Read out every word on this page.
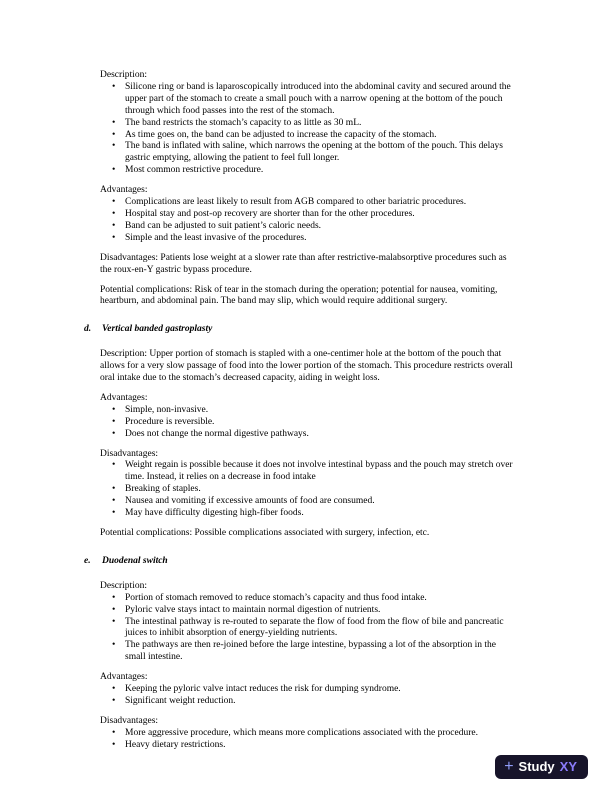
Description:

• Silicone ring or band is laparoscopically introduced into the abdominal cavity and secured around the upper part of the stomach to create a small pouch with a narrow opening at the bottom of the pouch through which food passes into the rest of the stomach.
• The band restricts the stomach’s capacity to as little as 30 mL.
• As time goes on, the band can be adjusted to increase the capacity of the stomach.
• The band is inflated with saline, which narrows the opening at the bottom of the pouch. This delays gastric emptying, allowing the patient to feel full longer.
• Most common restrictive procedure.

Advantages:

• Complications are least likely to result from AGB compared to other bariatric procedures.
• Hospital stay and post-op recovery are shorter than for the other procedures.
• Band can be adjusted to suit patient’s caloric needs.
• Simple and the least invasive of the procedures.

Disadvantages: Patients lose weight at a slower rate than after restrictive-malabsorptive procedures such as the roux-en-Y gastric bypass procedure.

Potential complications: Risk of tear in the stomach during the operation; potential for nausea, vomiting, heartburn, and abdominal pain. The band may slip, which would require additional surgery.

d. Vertical banded gastroplasty

Description: Upper portion of stomach is stapled with a one-centimer hole at the bottom of the pouch that allows for a very slow passage of food into the lower portion of the stomach. This procedure restricts overall oral intake due to the stomach’s decreased capacity, aiding in weight loss.

Advantages:

• Simple, non-invasive.
• Procedure is reversible.
• Does not change the normal digestive pathways.

Disadvantages:

• Weight regain is possible because it does not involve intestinal bypass and the pouch may stretch over time. Instead, it relies on a decrease in food intake
• Breaking of staples.
• Nausea and vomiting if excessive amounts of food are consumed.
• May have difficulty digesting high-fiber foods.

Potential complications: Possible complications associated with surgery, infection, etc.

e. Duodenal switch

Description:

• Portion of stomach removed to reduce stomach’s capacity and thus food intake.
• Pyloric valve stays intact to maintain normal digestion of nutrients.
• The intestinal pathway is re-routed to separate the flow of food from the flow of bile and pancreatic juices to inhibit absorption of energy-yielding nutrients.
• The pathways are then re-joined before the large intestine, bypassing a lot of the absorption in the small intestine.

Advantages:

• Keeping the pyloric valve intact reduces the risk for dumping syndrome.
• Significant weight reduction.

Disadvantages:

• More aggressive procedure, which means more complications associated with the procedure.
• Heavy dietary restrictions.
+ Study XY
